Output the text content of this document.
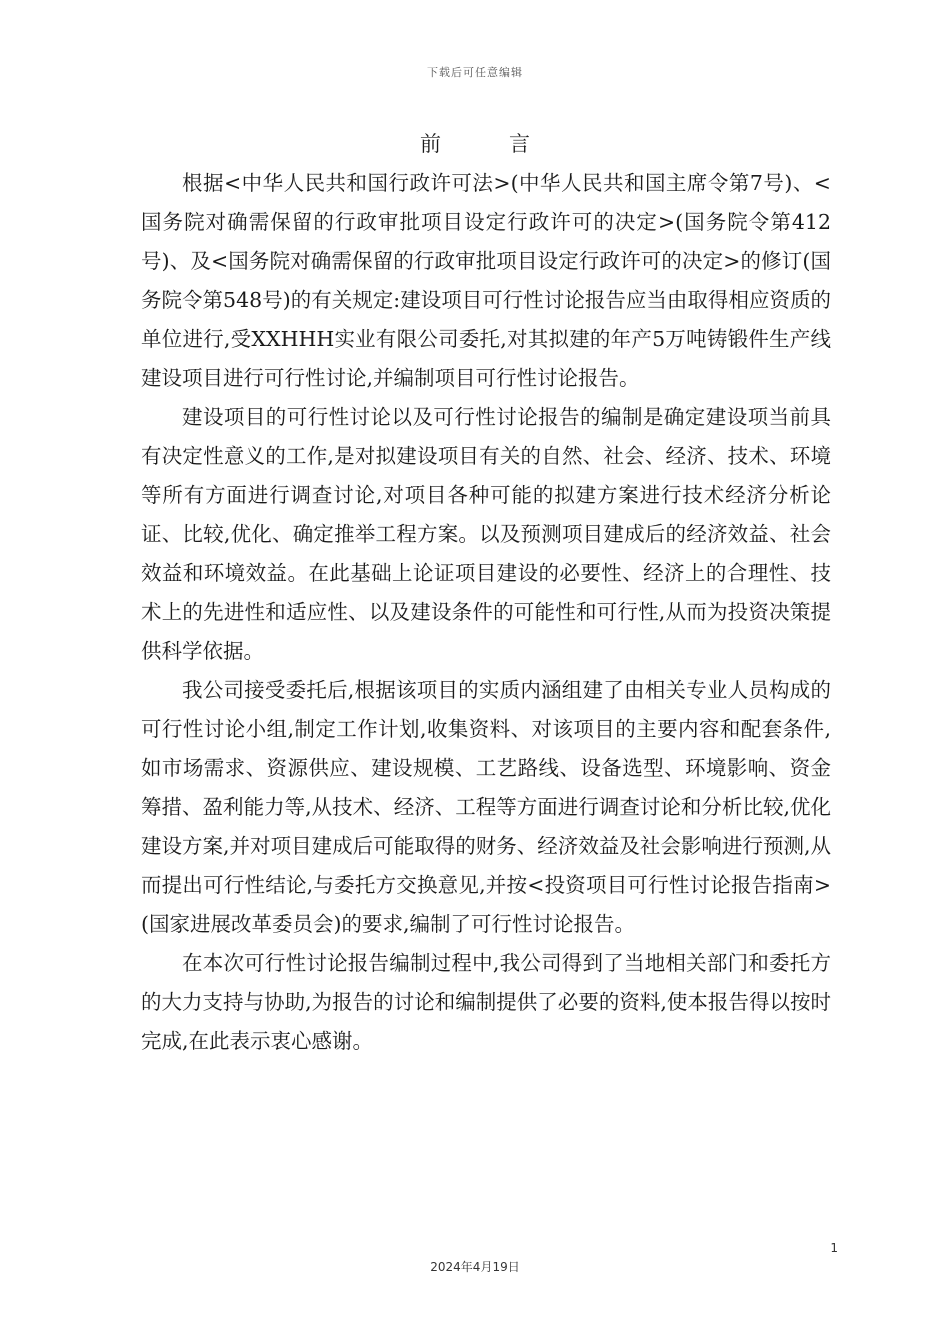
下载后可任意编辑
前	言

根据<中华人民共和国行政许可法>(中华人民共和国主席令第7号)、<国务院对确需保留的行政审批项目设定行政许可的决定>(国务院令第412号)、及<国务院对确需保留的行政审批项目设定行政许可的决定>的修订(国务院令第548号)的有关规定:建设项目可行性讨论报告应当由取得相应资质的单位进行,受XXHHH实业有限公司委托,对其拟建的年产5万吨铸锻件生产线建设项目进行可行性讨论,并编制项目可行性讨论报告。

建设项目的可行性讨论以及可行性讨论报告的编制是确定建设项当前具有决定性意义的工作,是对拟建设项目有关的自然、社会、经济、技术、环境等所有方面进行调查讨论,对项目各种可能的拟建方案进行技术经济分析论证、比较,优化、确定推举工程方案。以及预测项目建成后的经济效益、社会效益和环境效益。在此基础上论证项目建设的必要性、经济上的合理性、技术上的先进性和适应性、以及建设条件的可能性和可行性,从而为投资决策提供科学依据。

我公司接受委托后,根据该项目的实质内涵组建了由相关专业人员构成的可行性讨论小组,制定工作计划,收集资料、对该项目的主要内容和配套条件,如市场需求、资源供应、建设规模、工艺路线、设备选型、环境影响、资金筹措、盈利能力等,从技术、经济、工程等方面进行调查讨论和分析比较,优化建设方案,并对项目建成后可能取得的财务、经济效益及社会影响进行预测,从而提出可行性结论,与委托方交换意见,并按<投资项目可行性讨论报告指南>(国家进展改革委员会)的要求,编制了可行性讨论报告。

在本次可行性讨论报告编制过程中,我公司得到了当地相关部门和委托方的大力支持与协助,为报告的讨论和编制提供了必要的资料,使本报告得以按时完成,在此表示衷心感谢。

1
2024年4月19日
